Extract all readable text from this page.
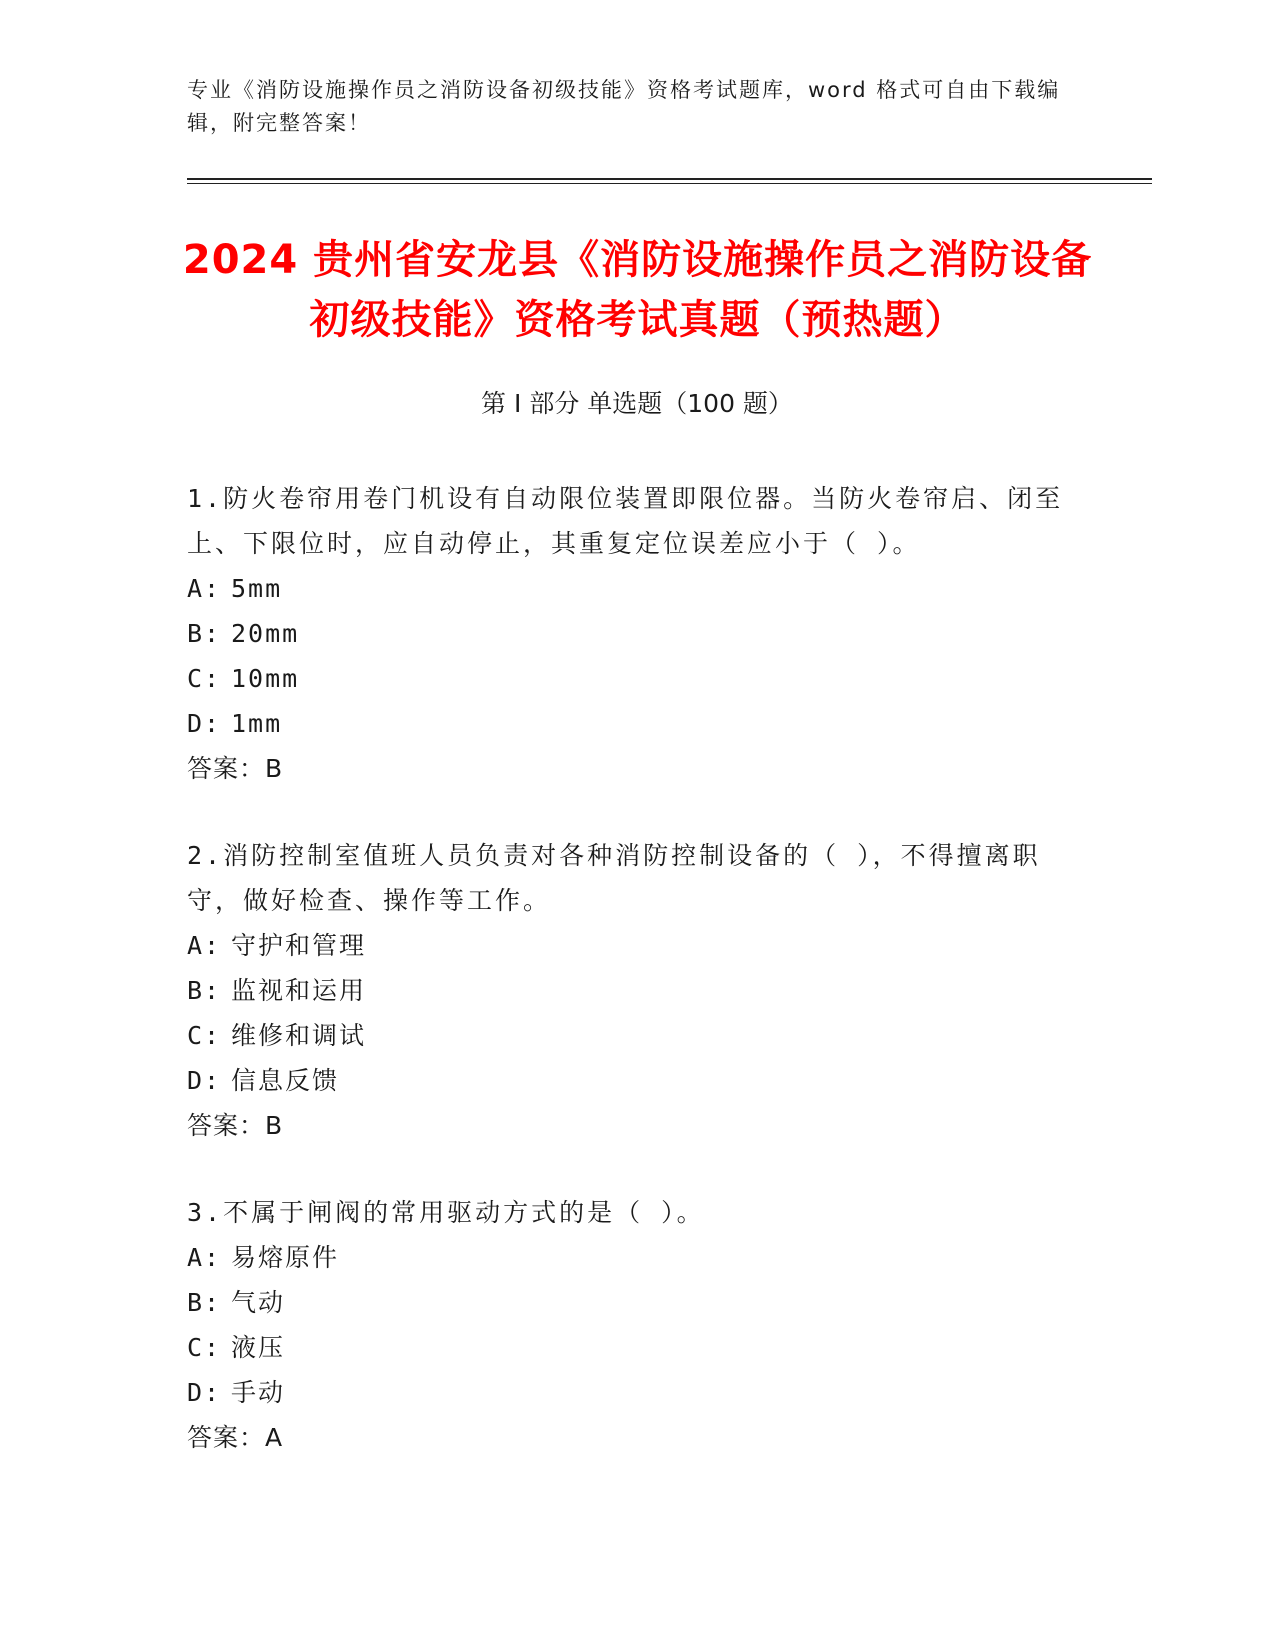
专业《消防设施操作员之消防设备初级技能》资格考试题库，word 格式可自由下载编辑，附完整答案！
2024 贵州省安龙县《消防设施操作员之消防设备初级技能》资格考试真题（预热题）
第 I 部分 单选题（100 题）

1.防火卷帘用卷门机设有自动限位装置即限位器。当防火卷帘启、闭至上、下限位时，应自动停止，其重复定位误差应小于（ ）。

A: 5mm
B: 20mm
C: 10mm
D: 1mm
答案：B

2.消防控制室值班人员负责对各种消防控制设备的（ ），不得擅离职守，做好检查、操作等工作。

A: 守护和管理
B: 监视和运用
C: 维修和调试
D: 信息反馈
答案：B

3.不属于闸阀的常用驱动方式的是（ ）。

A: 易熔原件
B: 气动
C: 液压
D: 手动
答案：A
